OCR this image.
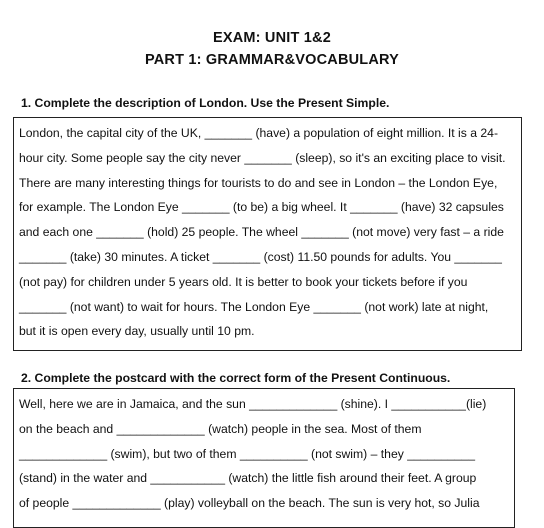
EXAM: UNIT 1&2
PART 1: GRAMMAR&VOCABULARY

1. Complete the description of London. Use the Present Simple.

London, the capital city of the UK, _______ (have) a population of eight million. It is a 24-

hour city. Some people say the city never _______ (sleep), so it's an exciting place to visit.

There are many interesting things for tourists to do and see in London – the London Eye,

for example. The London Eye _______ (to be) a big wheel. It _______ (have) 32 capsules

and each one _______ (hold) 25 people. The wheel _______ (not move) very fast – a ride

_______ (take) 30 minutes. A ticket _______ (cost) 11.50 pounds for adults. You _______

(not pay) for children under 5 years old. It is better to book your tickets before if you

_______ (not want) to wait for hours. The London Eye _______ (not work) late at night,

but it is open every day, usually until 10 pm.

2. Complete the postcard with the correct form of the Present Continuous.

Well, here we are in Jamaica, and the sun _____________ (shine). I ___________(lie)

on the beach and _____________ (watch) people in the sea. Most of them

_____________ (swim), but two of them __________ (not swim) – they __________

(stand) in the water and ___________ (watch) the little fish around their feet. A group

of people _____________ (play) volleyball on the beach. The sun is very hot, so Julia
